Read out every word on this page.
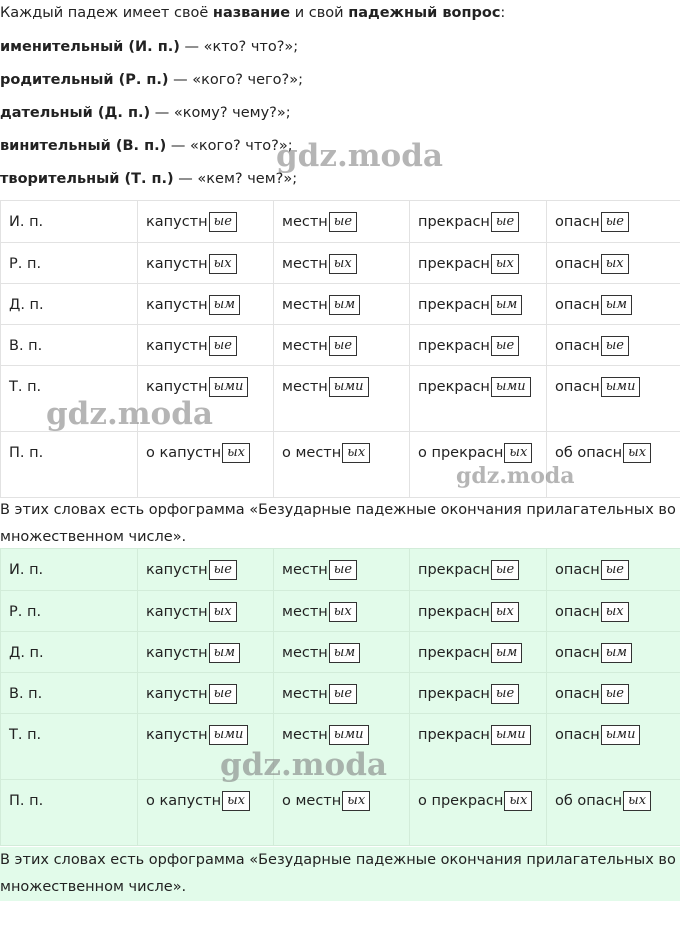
Каждый падеж имеет своё название и свой падежный вопрос:
именительный (И. п.) — «кто? что?»;
родительный (Р. п.) — «кого? чего?»;
дательный (Д. п.) — «кому? чему?»;
винительный (В. п.) — «кого? что?»;
творительный (Т. п.) — «кем? чем?»;
И. п.	капустн ые	местн ые	прекрасн ые	опасн ые
Р. п.	капустн ых	местн ых	прекрасн ых	опасн ых
Д. п.	капустн ым	местн ым	прекрасн ым	опасн ым
В. п.	капустн ые	местн ые	прекрасн ые	опасн ые
Т. п.	капустн ыми	местн ыми	прекрасн ыми	опасн ыми
П. п.	о капустн ых	о местн ых	о прекрасн ых	об опасн ых
В этих словах есть орфограмма «Безударные падежные окончания прилагательных во множественном числе».
И. п.	капустн ые	местн ые	прекрасн ые	опасн ые
Р. п.	капустн ых	местн ых	прекрасн ых	опасн ых
Д. п.	капустн ым	местн ым	прекрасн ым	опасн ым
В. п.	капустн ые	местн ые	прекрасн ые	опасн ые
Т. п.	капустн ыми	местн ыми	прекрасн ыми	опасн ыми
П. п.	о капустн ых	о местн ых	о прекрасн ых	об опасн ых
В этих словах есть орфограмма «Безударные падежные окончания прилагательных во множественном числе».
gdz.moda
gdz.moda
gdz.moda
gdz.moda
